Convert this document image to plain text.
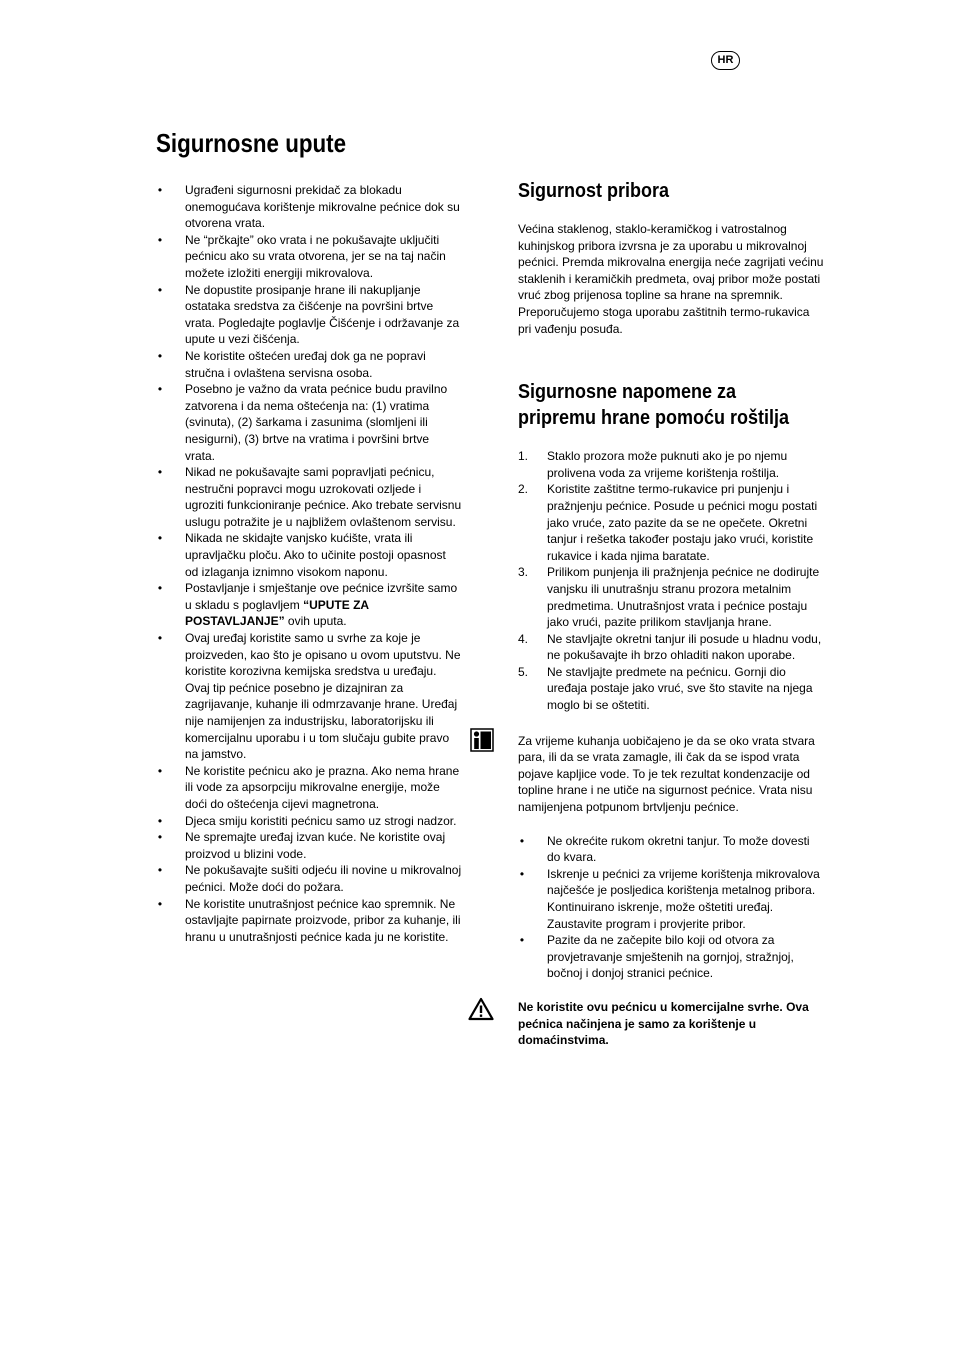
HR
Sigurnosne upute
• Ugrađeni sigurnosni prekidač za blokadu onemogućava korištenje mikrovalne pećnice dok su otvorena vrata.
• Ne “prčkajte” oko vrata i ne pokušavajte uključiti pećnicu ako su vrata otvorena, jer se na taj način možete izložiti energiji mikrovalova.
• Ne dopustite prosipanje hrane ili nakupljanje ostataka sredstva za čišćenje na površini brtve vrata. Pogledajte poglavlje Čišćenje i održavanje za upute u vezi čišćenja.
• Ne koristite oštećen uređaj dok ga ne popravi stručna i ovlaštena servisna osoba.
• Posebno je važno da vrata pećnice budu pravilno zatvorena i da nema oštećenja na: (1) vratima (svinuta), (2) šarkama i zasunima (slomljeni ili nesigurni), (3) brtve na vratima i površini brtve vrata.
• Nikad ne pokušavajte sami popravljati pećnicu, nestručni popravci mogu uzrokovati ozljede i ugroziti funkcioniranje pećnice. Ako trebate servisnu uslugu potražite je u najbližem ovlaštenom servisu.
• Nikada ne skidajte vanjsko kućište, vrata ili upravljačku ploču. Ako to učinite postoji opasnost od izlaganja iznimno visokom naponu.
• Postavljanje i smještanje ove pećnice izvršite samo u skladu s poglavljem “UPUTE ZA POSTAVLJANJE” ovih uputa.
• Ovaj uređaj koristite samo u svrhe za koje je proizveden, kao što je opisano u ovom uputstvu. Ne koristite korozivna kemijska sredstva u uređaju. Ovaj tip pećnice posebno je dizajniran za zagrijavanje, kuhanje ili odmrzavanje hrane. Uređaj nije namijenjen za industrijsku, laboratorijsku ili komercijalnu uporabu i u tom slučaju gubite pravo na jamstvo.
• Ne koristite pećnicu ako je prazna. Ako nema hrane ili vode za apsorpciju mikrovalne energije, može doći do oštećenja cijevi magnetrona.
• Djeca smiju koristiti pećnicu samo uz strogi nadzor.
• Ne spremajte uređaj izvan kuće. Ne koristite ovaj proizvod u blizini vode.
• Ne pokušavajte sušiti odjeću ili novine u mikrovalnoj pećnici. Može doći do požara.
• Ne koristite unutrašnjost pećnice kao spremnik. Ne ostavljajte papirnate proizvode, pribor za kuhanje, ili hranu u unutrašnjosti pećnice kada ju ne koristite.
Sigurnost pribora

Većina staklenog, staklo-keramičkog i vatrostalnog kuhinjskog pribora izvrsna je za uporabu u mikrovalnoj pećnici. Premda mikrovalna energija neće zagrijati većinu staklenih i keramičkih predmeta, ovaj pribor može postati vruć zbog prijenosa topline sa hrane na spremnik. Preporučujemo stoga uporabu zaštitnih termo-rukavica pri vađenju posuđa.

Sigurnosne napomene za pripremu hrane pomoću roštilja
1. Staklo prozora može puknuti ako je po njemu prolivena voda za vrijeme korištenja roštilja.
2. Koristite zaštitne termo-rukavice pri punjenju i pražnjenju pećnice. Posude u pećnici mogu postati jako vruće, zato pazite da se ne opečete. Okretni tanjur i rešetka također postaju jako vrući, koristite rukavice i kada njima baratate.
3. Prilikom punjenja ili pražnjenja pećnice ne dodirujte vanjsku ili unutrašnju stranu prozora metalnim predmetima. Unutrašnjost vrata i pećnice postaju jako vrući, pazite prilikom stavljanja hrane.
4. Ne stavljajte okretni tanjur ili posude u hladnu vodu, ne pokušavajte ih brzo ohladiti nakon uporabe.
5. Ne stavljajte predmete na pećnicu. Gornji dio uređaja postaje jako vruć, sve što stavite na njega moglo bi se oštetiti.

Za vrijeme kuhanja uobičajeno je da se oko vrata stvara para, ili da se vrata zamagle, ili čak da se ispod vrata pojave kapljice vode. To je tek rezultat kondenzacije od topline hrane i ne utiče na sigurnost pećnice. Vrata nisu namijenjena potpunom brtvljenju pećnice.

• Ne okrećite rukom okretni tanjur. To može dovesti do kvara.
• Iskrenje u pećnici za vrijeme korištenja mikrovalova najčešće je posljedica korištenja metalnog pribora. Kontinuirano iskrenje, može oštetiti uređaj. Zaustavite program i provjerite pribor.
• Pazite da ne začepite bilo koji od otvora za provjetravanje smještenih na gornjoj, stražnjoj, bočnoj i donjoj stranici pećnice.

Ne koristite ovu pećnicu u komercijalne svrhe. Ova pećnica načinjena je samo za korištenje u domaćinstvima.
